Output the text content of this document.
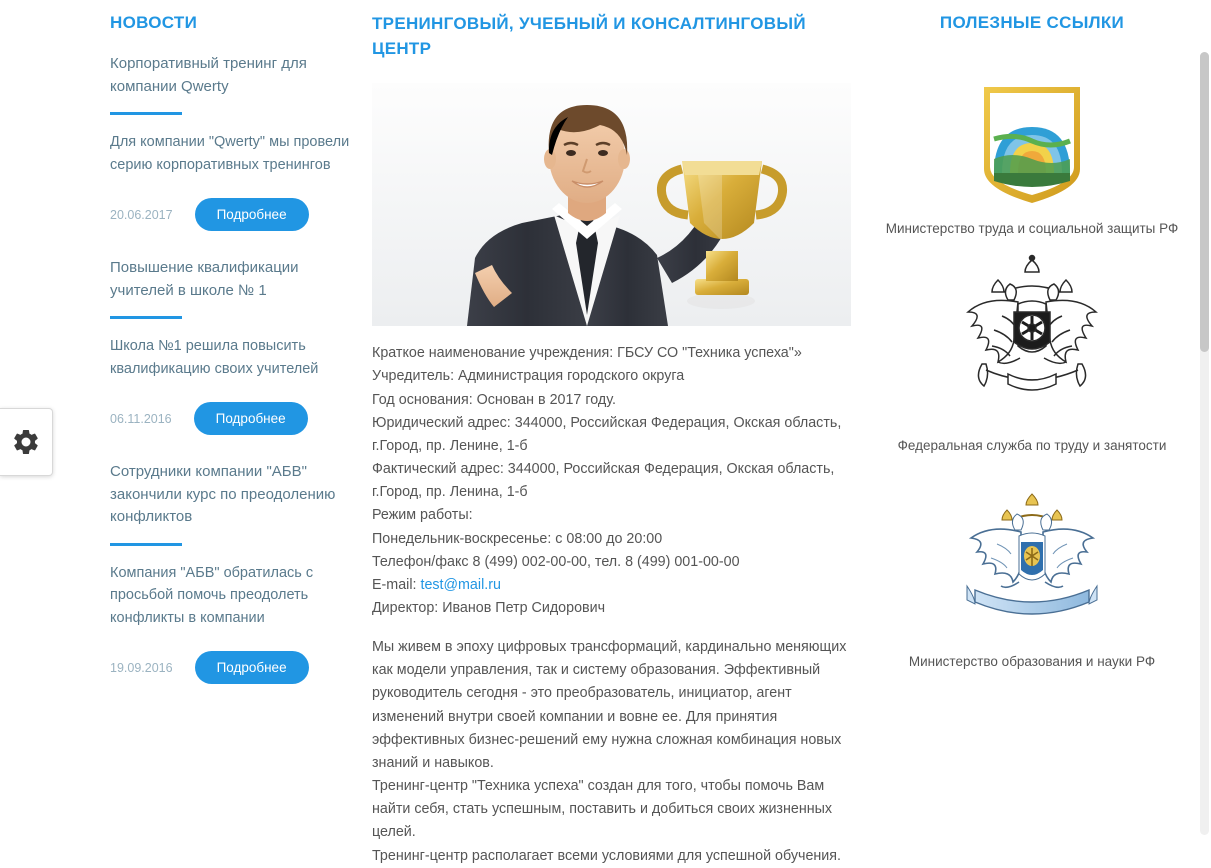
НОВОСТИ
Корпоративный тренинг для компании Qwerty
Для компании "Qwerty" мы провели серию корпоративных тренингов
20.06.2017	Подробнее
Повышение квалификации учителей в школе № 1
Школа №1 решила повысить квалификацию своих учителей
06.11.2016	Подробнее
Сотрудники компании "АБВ" закончили курс по преодолению конфликтов
Компания "АБВ" обратилась с просьбой помочь преодолеть конфликты в компании
19.09.2016	Подробнее
ТРЕНИНГОВЫЙ, УЧЕБНЫЙ И КОНСАЛТИНГОВЫЙ ЦЕНТР
Краткое наименование учреждения: ГБСУ СО "Техника успеха"»
Учредитель: Администрация городского округа
Год основания: Основан в 2017 году.
Юридический адрес: 344000, Российская Федерация, Окская область, г.Город, пр. Ленине, 1-б
Фактический адрес: 344000, Российская Федерация, Окская область, г.Город, пр. Ленина, 1-б
Режим работы:
Понедельник-воскресенье: с 08:00 до 20:00
Телефон/факс 8 (499) 002-00-00, тел. 8 (499) 001-00-00
E-mail: test@mail.ru
Директор: Иванов Петр Сидорович

Мы живем в эпоху цифровых трансформаций, кардинально меняющих как модели управления, так и систему образования. Эффективный руководитель сегодня - это преобразователь, инициатор, агент изменений внутри своей компании и вовне ее. Для принятия эффективных бизнес-решений ему нужна сложная комбинация новых знаний и навыков.

Тренинг-центр "Техника успеха" создан для того, чтобы помочь Вам найти себя, стать успешным, поставить и добиться своих жизненных целей.

Тренинг-центр располагает всеми условиями для успешной обучения.

ПОЛЕЗНЫЕ ССЫЛКИ
Министерство труда и социальной защиты РФ
Федеральная служба по труду и занятости
Министерство образования и науки РФ
